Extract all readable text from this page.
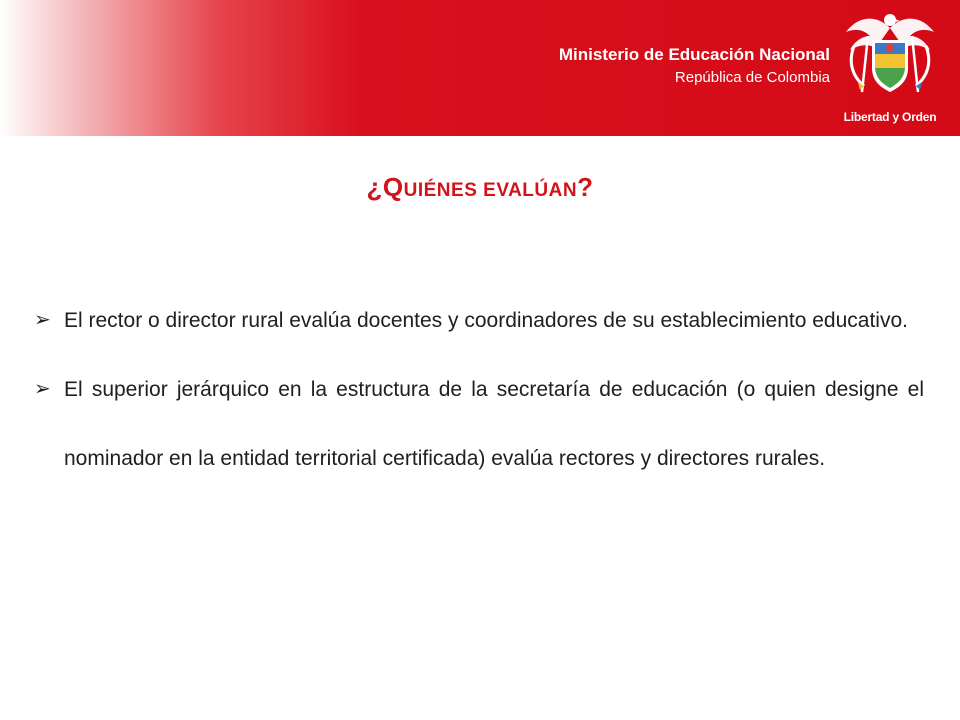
Ministerio de Educación Nacional
República de Colombia
Libertad y Orden
¿QUIÉNES EVALÚAN?
➢ El rector o director rural evalúa docentes y coordinadores de su establecimiento educativo.
➢ El superior jerárquico en la estructura de la secretaría de educación (o quien designe el nominador en la entidad territorial certificada) evalúa rectores y directores rurales.
